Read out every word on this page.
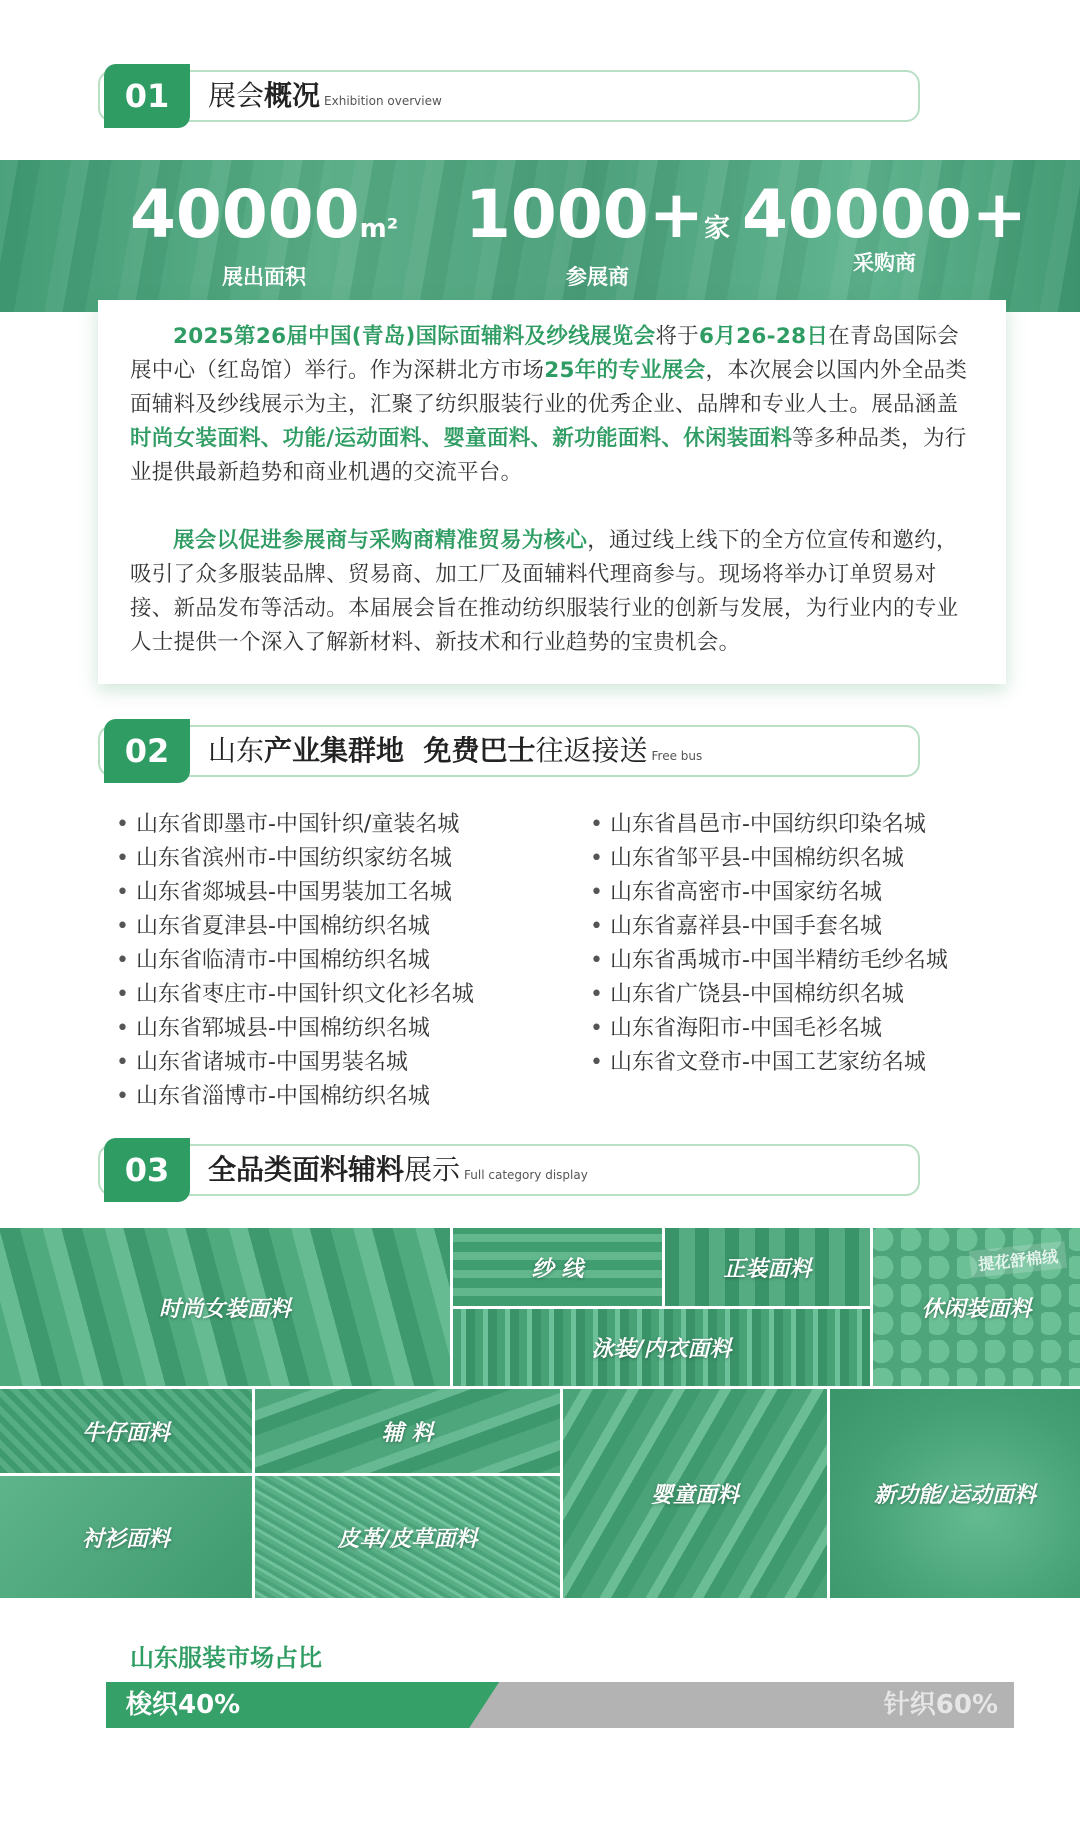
01	展会概况 Exhibition overview
40000m²
展出面积
1000+家
参展商
40000+
采购商

2025第26届中国(青岛)国际面辅料及纱线展览会将于6月26-28日在青岛国际会展中心（红岛馆）举行。作为深耕北方市场25年的专业展会，本次展会以国内外全品类面辅料及纱线展示为主，汇聚了纺织服装行业的优秀企业、品牌和专业人士。展品涵盖时尚女装面料、功能/运动面料、婴童面料、新功能面料、休闲装面料等多种品类，为行业提供最新趋势和商业机遇的交流平台。

展会以促进参展商与采购商精准贸易为核心，通过线上线下的全方位宣传和邀约，吸引了众多服装品牌、贸易商、加工厂及面辅料代理商参与。现场将举办订单贸易对接、新品发布等活动。本届展会旨在推动纺织服装行业的创新与发展，为行业内的专业人士提供一个深入了解新材料、新技术和行业趋势的宝贵机会。

02	山东产业集群地  免费巴士往返接送 Free bus
• 山东省即墨市-中国针织/童装名城
• 山东省滨州市-中国纺织家纺名城
• 山东省郯城县-中国男装加工名城
• 山东省夏津县-中国棉纺织名城
• 山东省临清市-中国棉纺织名城
• 山东省枣庄市-中国针织文化衫名城
• 山东省郓城县-中国棉纺织名城
• 山东省诸城市-中国男装名城
• 山东省淄博市-中国棉纺织名城
• 山东省昌邑市-中国纺织印染名城
• 山东省邹平县-中国棉纺织名城
• 山东省高密市-中国家纺名城
• 山东省嘉祥县-中国手套名城
• 山东省禹城市-中国半精纺毛纱名城
• 山东省广饶县-中国棉纺织名城
• 山东省海阳市-中国毛衫名城
• 山东省文登市-中国工艺家纺名城
03	全品类面料辅料展示 Full category display
时尚女装面料
纱 线	正装面料
休闲装面料
提花舒棉绒
泳装/内衣面料
牛仔面料	辅 料
婴童面料	新功能/运动面料
衬衫面料	皮革/皮草面料
山东服装市场占比
梭织40%	针织60%
